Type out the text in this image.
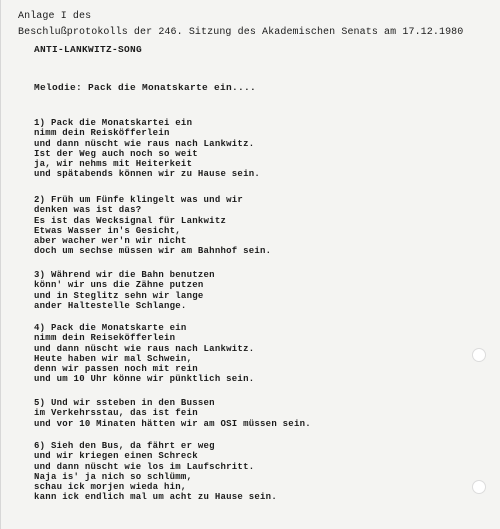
Anlage I des
Beschlußprotokolls der 246. Sitzung des Akademischen Senats am 17.12.1980
ANTI-LANKWITZ-SONG
Melodie: Pack die Monatskarte ein....
1) Pack die Monatskartei ein
nimm dein Reisköfferlein
und dann nüscht wie raus nach Lankwitz.
Ist der Weg auch noch so weit
ja, wir nehms mit Heiterkeit
und spätabends können wir zu Hause sein.
2) Früh um Fünfe klingelt was und wir
denken was ist das?
Es ist das Wecksignal für Lankwitz
Etwas Wasser in's Gesicht,
aber wacher wer'n wir nicht
doch um sechse müssen wir am Bahnhof sein.
3) Während wir die Bahn benutzen
könn' wir uns die Zähne putzen
und in Steglitz sehn wir lange
ander Haltestelle Schlange.
4) Pack die Monatskarte ein
nimm dein Reiseköfferlein
und dann nüscht wie raus nach Lankwitz.
Heute haben wir mal Schwein,
denn wir passen noch mit rein
und um 10 Uhr könne wir pünktlich sein.
5) Und wir ssteben in den Bussen
im Verkehrsstau, das ist fein
und vor 10 Minaten hätten wir am OSI müssen sein.
6) Sieh den Bus, da fährt er weg
und wir kriegen einen Schreck
und dann nüscht wie los im Laufschritt.
Naja is' ja nich so schlümm,
schau ick morjen wieda hin,
kann ick endlich mal um acht zu Hause sein.
